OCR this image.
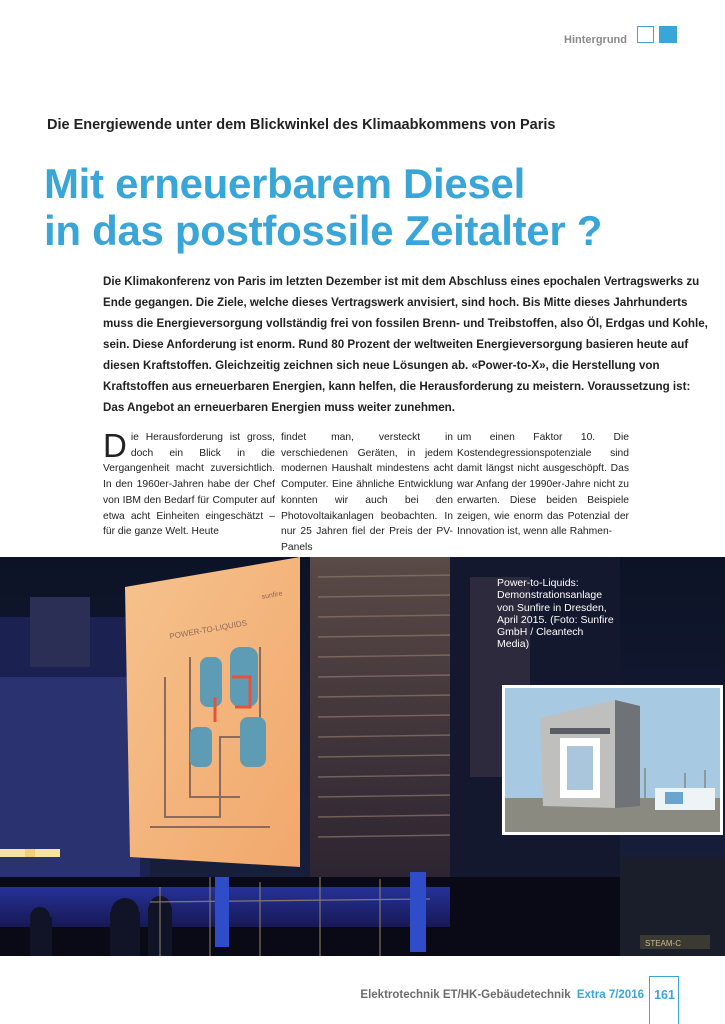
Hintergrund
Die Energiewende unter dem Blickwinkel des Klimaabkommens von Paris
Mit erneuerbarem Diesel
in das postfossile Zeitalter ?
Die Klimakonferenz von Paris im letzten Dezember ist mit dem Abschluss eines epochalen Vertragswerks zu Ende gegangen. Die Ziele, welche dieses Vertragswerk anvisiert, sind hoch. Bis Mitte dieses Jahrhunderts muss die Energieversorgung vollständig frei von fossilen Brenn- und Treibstoffen, also Öl, Erdgas und Kohle, sein. Diese Anforderung ist enorm. Rund 80 Prozent der weltweiten Energieversorgung basieren heute auf diesen Kraftstoffen. Gleichzeitig zeichnen sich neue Lösungen ab. «Power-to-X», die Herstellung von Kraftstoffen aus erneuerbaren Energien, kann helfen, die Herausforderung zu meistern. Voraussetzung ist: Das Angebot an erneuerbaren Energien muss weiter zunehmen.
Die Herausforderung ist gross, doch ein Blick in die Vergangenheit macht zuversichtlich. In den 1960er-Jahren habe der Chef von IBM den Bedarf für Computer auf etwa acht Einheiten eingeschätzt – für die ganze Welt. Heute
findet man, versteckt in verschiedenen Geräten, in jedem modernen Haushalt mindestens acht Computer. Eine ähnliche Entwicklung konnten wir auch bei den Photovoltaikanlagen beobachten. In nur 25 Jahren fiel der Preis der PV-Panels
um einen Faktor 10. Die Kostendegressionspotenziale sind damit längst nicht ausgeschöpft. Das war Anfang der 1990er-Jahre nicht zu erwarten. Diese beiden Beispiele zeigen, wie enorm das Potenzial der Innovation ist, wenn alle Rahmen-
POWER-TO-LIQUIDS
sunfire
STEAM-C
Power-to-Liquids: Demonstrationsanlage von Sunfire in Dresden, April 2015. (Foto: Sunfire GmbH / Cleantech Media)
Elektrotechnik ET/HK-Gebäudetechnik Extra 7/2016 161
